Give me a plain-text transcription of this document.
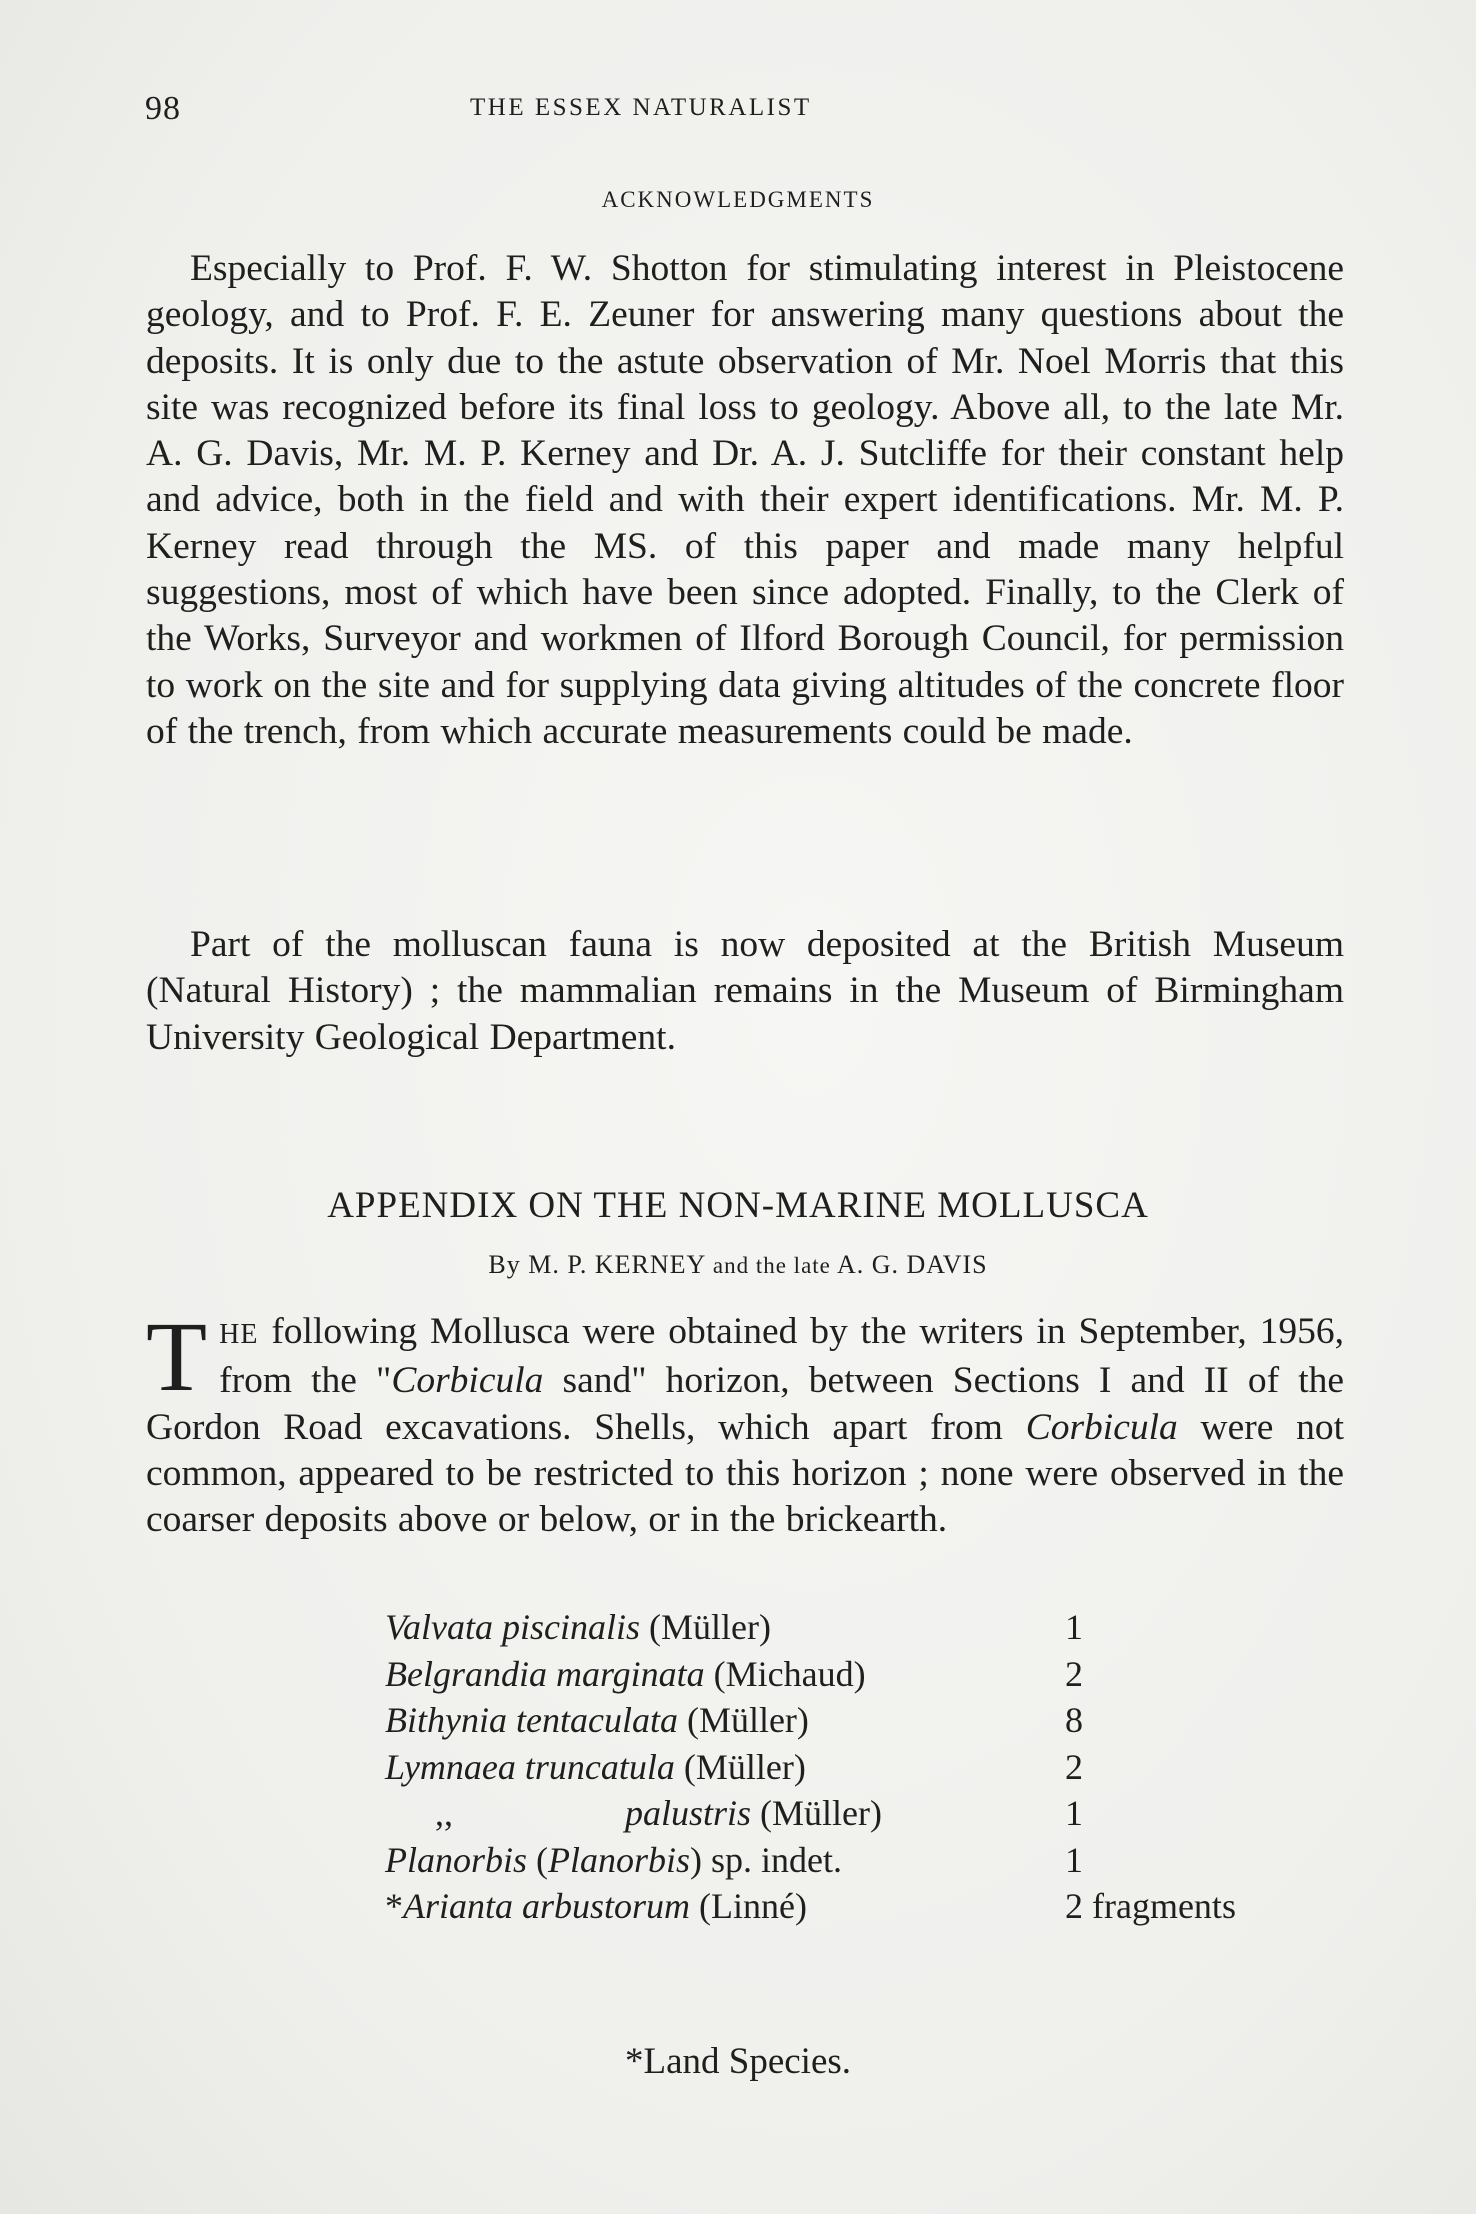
98	THE ESSEX NATURALIST
ACKNOWLEDGMENTS

Especially to Prof. F. W. Shotton for stimulating interest in Pleistocene geology, and to Prof. F. E. Zeuner for answering many questions about the deposits. It is only due to the astute observation of Mr. Noel Morris that this site was recognized before its final loss to geology. Above all, to the late Mr. A. G. Davis, Mr. M. P. Kerney and Dr. A. J. Sutcliffe for their constant help and advice, both in the field and with their expert identifications. Mr. M. P. Kerney read through the MS. of this paper and made many helpful suggestions, most of which have been since adopted. Finally, to the Clerk of the Works, Surveyor and workmen of Ilford Borough Council, for permission to work on the site and for supplying data giving altitudes of the concrete floor of the trench, from which accurate measurements could be made.

Part of the molluscan fauna is now deposited at the British Museum (Natural History) ; the mammalian remains in the Museum of Birmingham University Geological Department.

APPENDIX ON THE NON-MARINE MOLLUSCA
By M. P. KERNEY and the late A. G. DAVIS

THE following Mollusca were obtained by the writers in September, 1956, from the "Corbicula sand" horizon, between Sections I and II of the Gordon Road excavations. Shells, which apart from Corbicula were not common, appeared to be restricted to this horizon ; none were observed in the coarser deposits above or below, or in the brickearth.

Valvata piscinalis (Müller)	1
Belgrandia marginata (Michaud)	2
Bithynia tentaculata (Müller)	8
Lymnaea truncatula (Müller)	2
,, palustris (Müller)	1
Planorbis (Planorbis) sp. indet.	1
*Arianta arbustorum (Linné)	2 fragments
*Land Species.
